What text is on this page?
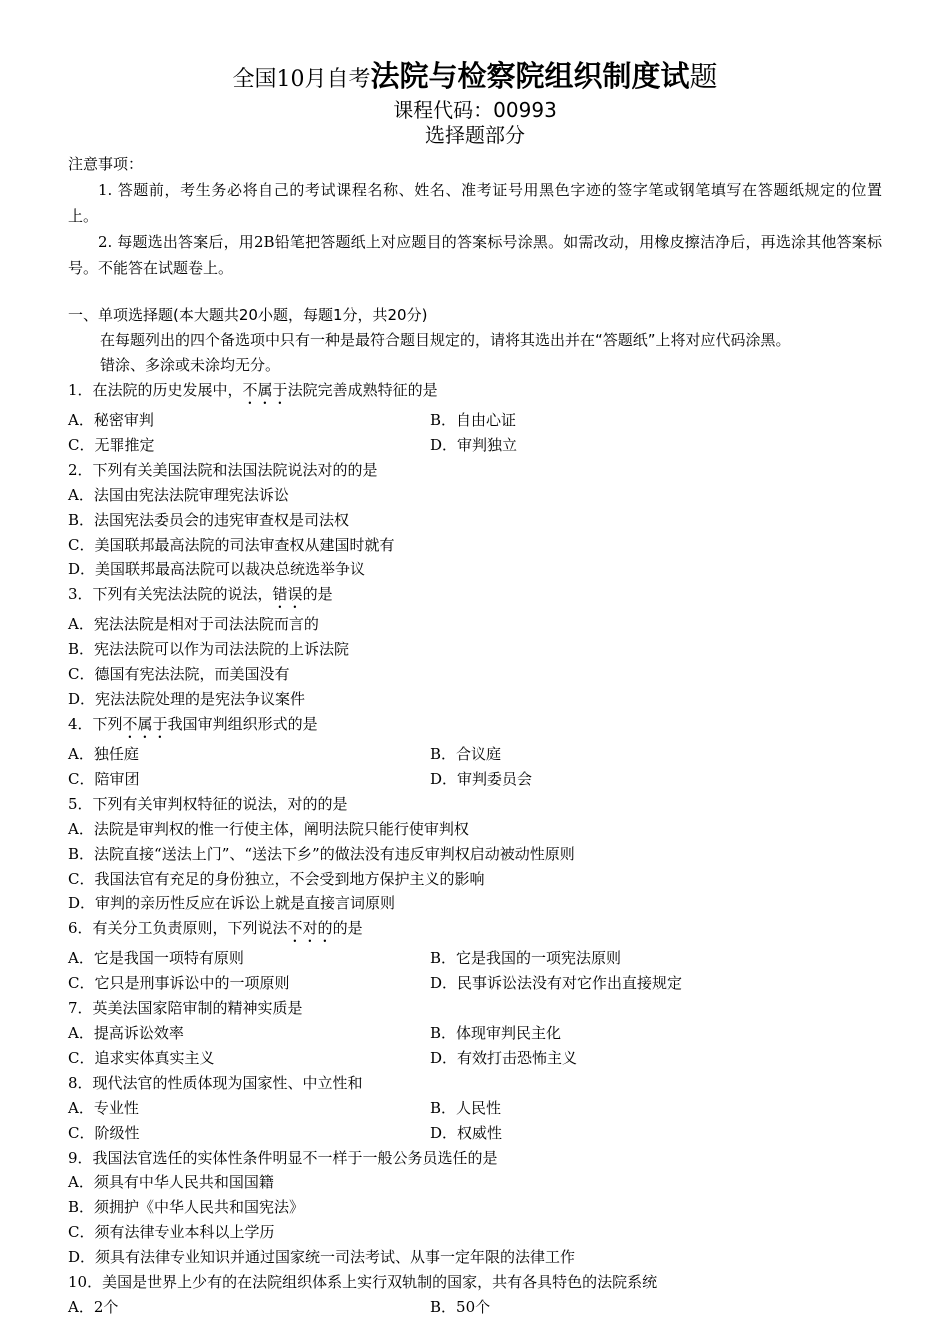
全国10月自考法院与检察院组织制度试题
课程代码：00993
选择题部分
注意事项：
1. 答题前，考生务必将自己的考试课程名称、姓名、准考证号用黑色字迹的签字笔或钢笔填写在答题纸规定的位置上。
2. 每题选出答案后，用2B铅笔把答题纸上对应题目的答案标号涂黑。如需改动，用橡皮擦洁净后，再选涂其他答案标号。不能答在试题卷上。
一、单项选择题(本大题共20小题，每题1分，共20分)
在每题列出的四个备选项中只有一种是最符合题目规定的，请将其选出并在“答题纸”上将对应代码涂黑。
错涂、多涂或未涂均无分。
1．在法院的历史发展中，不属于法院完善成熟特征的是
A．秘密审判	B．自由心证
C．无罪推定	D．审判独立
2．下列有关美国法院和法国法院说法对的的是
A．法国由宪法法院审理宪法诉讼
B．法国宪法委员会的违宪审查权是司法权
C．美国联邦最高法院的司法审查权从建国时就有
D．美国联邦最高法院可以裁决总统选举争议
3．下列有关宪法法院的说法，错误的是
A．宪法法院是相对于司法法院而言的
B．宪法法院可以作为司法法院的上诉法院
C．德国有宪法法院，而美国没有
D．宪法法院处理的是宪法争议案件
4．下列不属于我国审判组织形式的是
A．独任庭	B．合议庭
C．陪审团	D．审判委员会
5．下列有关审判权特征的说法，对的的是
A．法院是审判权的惟一行使主体，阐明法院只能行使审判权
B．法院直接“送法上门”、“送法下乡”的做法没有违反审判权启动被动性原则
C．我国法官有充足的身份独立，不会受到地方保护主义的影响
D．审判的亲历性反应在诉讼上就是直接言词原则
6．有关分工负责原则，下列说法不对的的是
A．它是我国一项特有原则	B．它是我国的一项宪法原则
C．它只是刑事诉讼中的一项原则	D．民事诉讼法没有对它作出直接规定
7．英美法国家陪审制的精神实质是
A．提高诉讼效率	B．体现审判民主化
C．追求实体真实主义	D．有效打击恐怖主义
8．现代法官的性质体现为国家性、中立性和
A．专业性	B．人民性
C．阶级性	D．权威性
9．我国法官选任的实体性条件明显不一样于一般公务员选任的是
A．须具有中华人民共和国国籍
B．须拥护《中华人民共和国宪法》
C．须有法律专业本科以上学历
D．须具有法律专业知识并通过国家统一司法考试、从事一定年限的法律工作
10．美国是世界上少有的在法院组织体系上实行双轨制的国家，共有各具特色的法院系统
A．2个	B．50个
